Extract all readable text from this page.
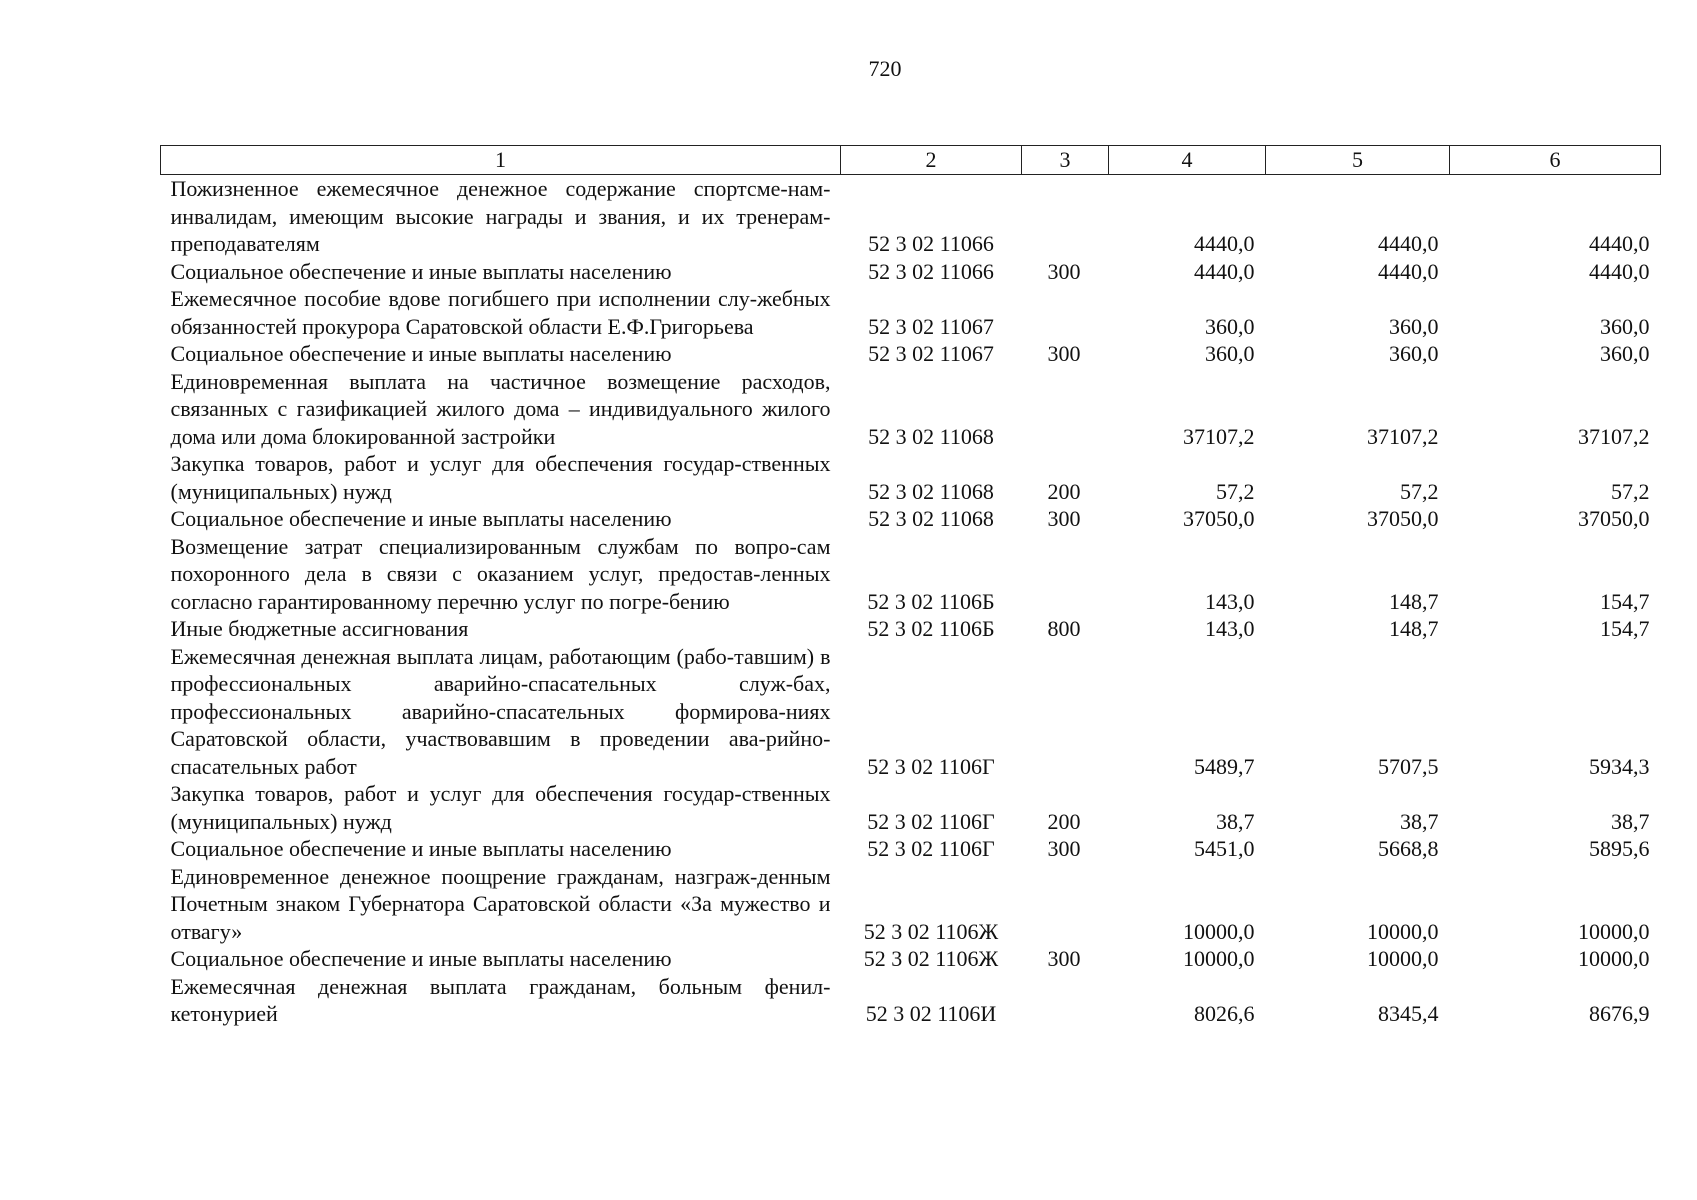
720
1	2	3	4	5	6
Пожизненное ежемесячное денежное содержание спортсме-нам-инвалидам, имеющим высокие награды и звания, и их тренерам-преподавателям	52 3 02 11066		4440,0	4440,0	4440,0
Социальное обеспечение и иные выплаты населению	52 3 02 11066	300	4440,0	4440,0	4440,0
Ежемесячное пособие вдове погибшего при исполнении слу-жебных обязанностей прокурора Саратовской области Е.Ф.Григорьева	52 3 02 11067		360,0	360,0	360,0
Социальное обеспечение и иные выплаты населению	52 3 02 11067	300	360,0	360,0	360,0
Единовременная выплата на частичное возмещение расходов, связанных с газификацией жилого дома – индивидуального жилого дома или дома блокированной застройки	52 3 02 11068		37107,2	37107,2	37107,2
Закупка товаров, работ и услуг для обеспечения государ-ственных (муниципальных) нужд	52 3 02 11068	200	57,2	57,2	57,2
Социальное обеспечение и иные выплаты населению	52 3 02 11068	300	37050,0	37050,0	37050,0
Возмещение затрат специализированным службам по вопро-сам похоронного дела в связи с оказанием услуг, предостав-ленных согласно гарантированному перечню услуг по погре-бению	52 3 02 1106Б		143,0	148,7	154,7
Иные бюджетные ассигнования	52 3 02 1106Б	800	143,0	148,7	154,7
Ежемесячная денежная выплата лицам, работающим (рабо-тавшим) в профессиональных аварийно-спасательных служ-бах, профессиональных аварийно-спасательных формирова-ниях Саратовской области, участвовавшим в проведении ава-рийно-спасательных работ	52 3 02 1106Г		5489,7	5707,5	5934,3
Закупка товаров, работ и услуг для обеспечения государ-ственных (муниципальных) нужд	52 3 02 1106Г	200	38,7	38,7	38,7
Социальное обеспечение и иные выплаты населению	52 3 02 1106Г	300	5451,0	5668,8	5895,6
Единовременное денежное поощрение гражданам, назграж-денным Почетным знаком Губернатора Саратовской области «За мужество и отвагу»	52 3 02 1106Ж		10000,0	10000,0	10000,0
Социальное обеспечение и иные выплаты населению	52 3 02 1106Ж	300	10000,0	10000,0	10000,0
Ежемесячная денежная выплата гражданам, больным фенил-кетонурией	52 3 02 1106И		8026,6	8345,4	8676,9
